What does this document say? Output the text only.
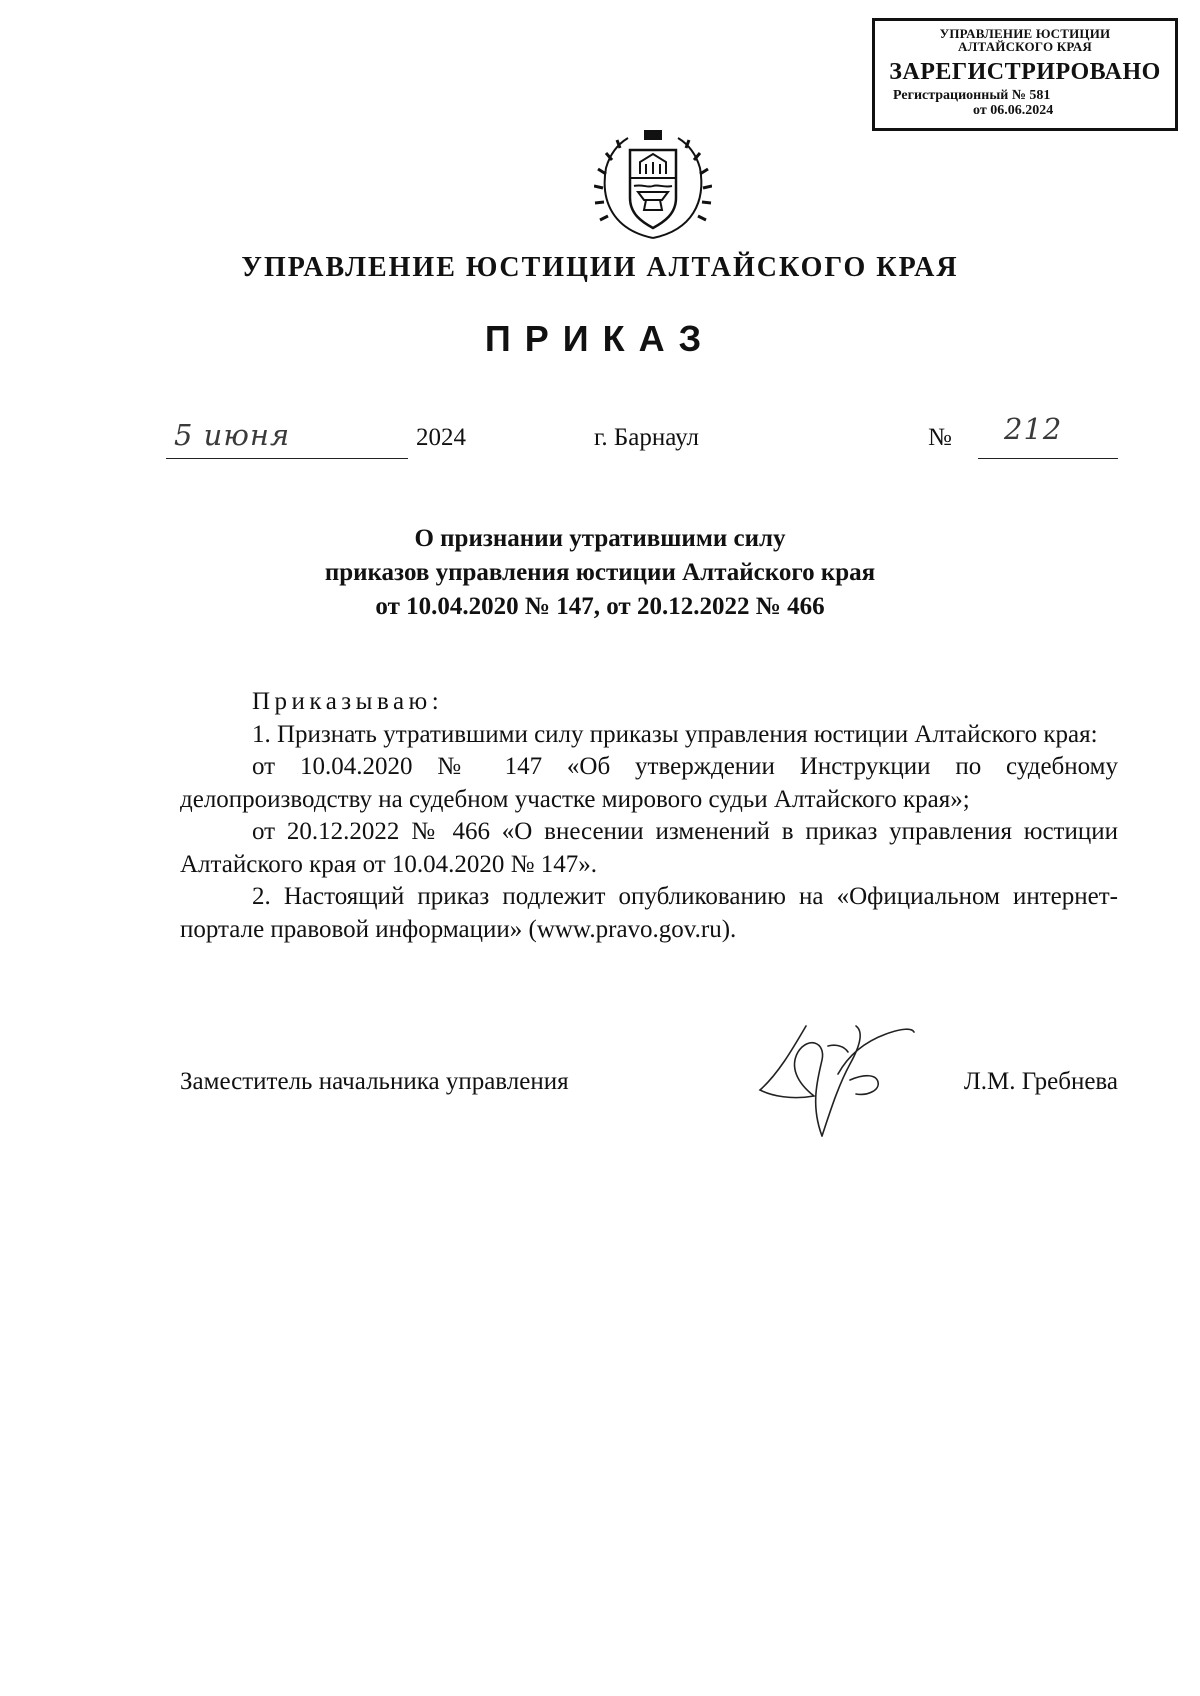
УПРАВЛЕНИЕ ЮСТИЦИИ
АЛТАЙСКОГО КРАЯ
ЗАРЕГИСТРИРОВАНО
Регистрационный № 581
от 06.06.2024
УПРАВЛЕНИЕ ЮСТИЦИИ АЛТАЙСКОГО КРАЯ
ПРИКАЗ
5 июня	2024	г. Барнаул	№ 212
О признании утратившими силу
приказов управления юстиции Алтайского края
от 10.04.2020 № 147, от 20.12.2022 № 466

Приказываю:

1. Признать утратившими силу приказы управления юстиции Алтайского края:

от 10.04.2020 № 147 «Об утверждении Инструкции по судебному делопроизводству на судебном участке мирового судьи Алтайского края»;

от 20.12.2022 № 466 «О внесении изменений в приказ управления юстиции Алтайского края от 10.04.2020 № 147».

2. Настоящий приказ подлежит опубликованию на «Официальном интернет-портале правовой информации» (www.pravo.gov.ru).

Заместитель начальника управления	Л.М. Гребнева
